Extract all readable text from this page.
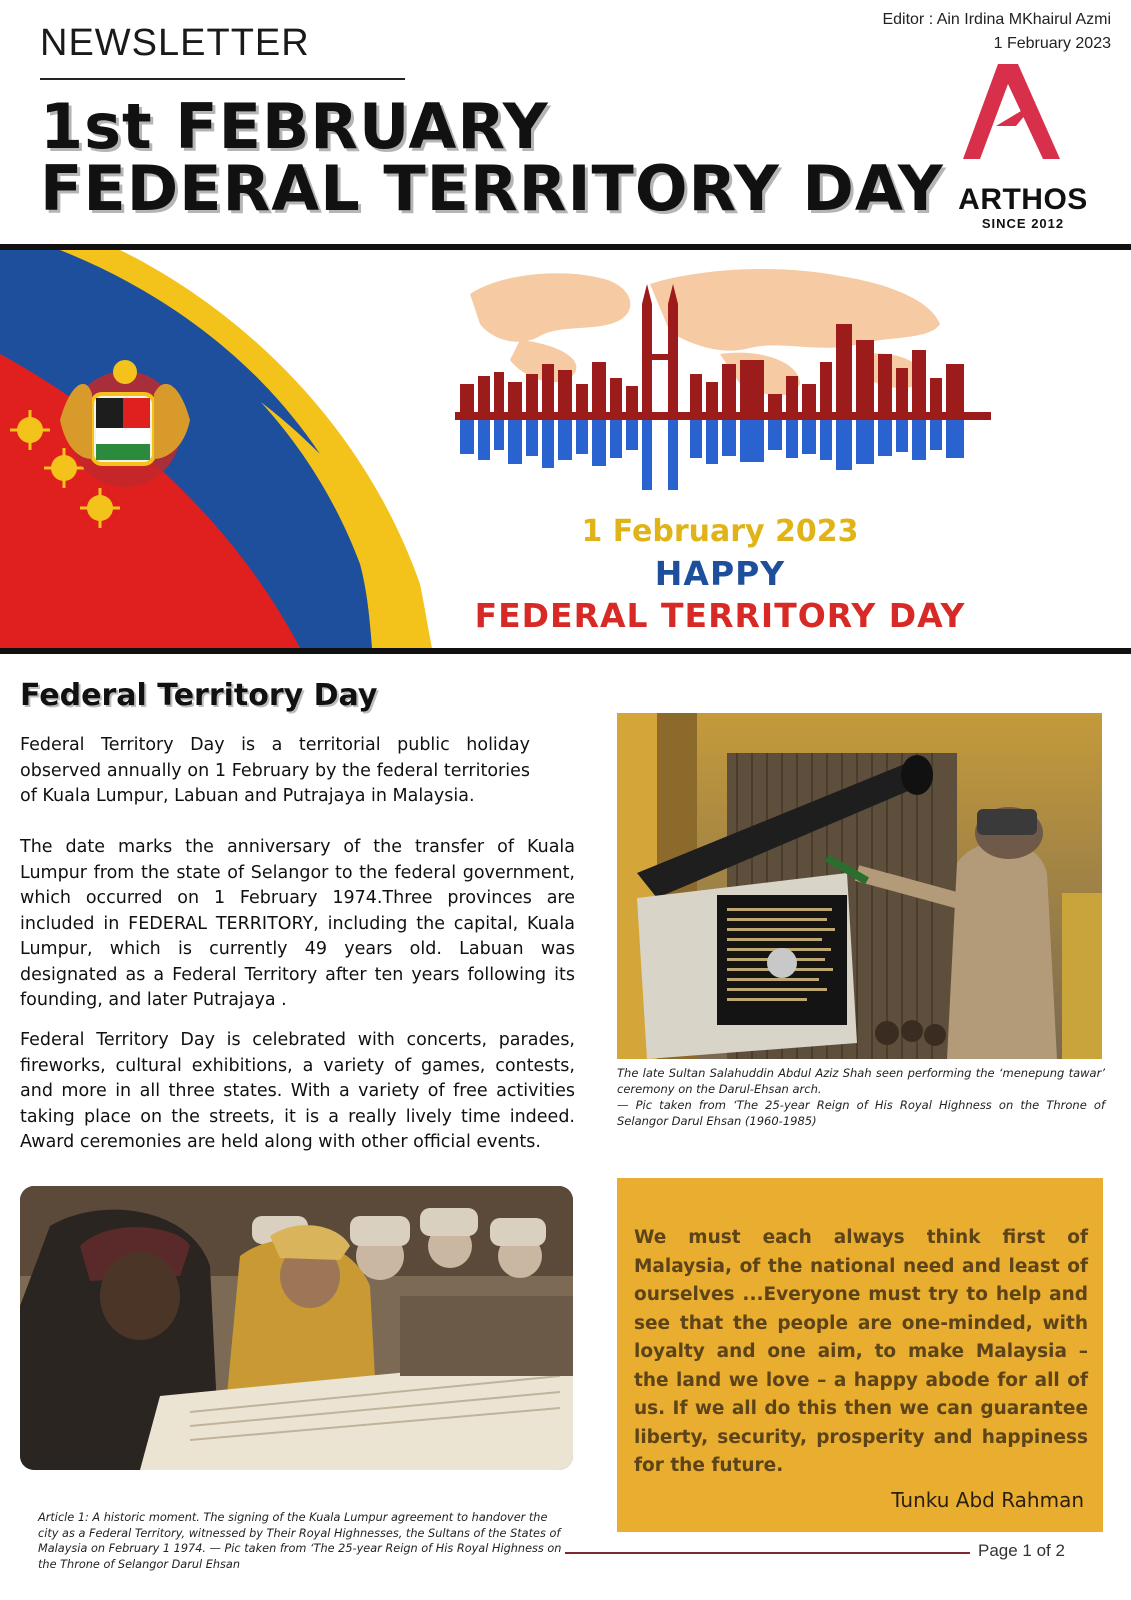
NEWSLETTER
1st FEBRUARY
FEDERAL TERRITORY DAY
Editor : Ain Irdina MKhairul Azmi
1 February 2023
ARTHOS
SINCE 2012
1 February 2023
HAPPY
FEDERAL TERRITORY DAY
Federal Territory Day

Federal Territory Day is a territorial public holiday observed annually on 1 February by the federal territories of Kuala Lumpur, Labuan and Putrajaya in Malaysia.

The date marks the anniversary of the transfer of Kuala Lumpur from the state of Selangor to the federal government, which occurred on 1 February 1974.Three provinces are included in FEDERAL TERRITORY, including the capital, Kuala Lumpur, which is currently 49 years old. Labuan was designated as a Federal Territory after ten years following its founding, and later Putrajaya .

Federal Territory Day is celebrated with concerts, parades, fireworks, cultural exhibitions, a variety of games, contests, and more in all three states. With a variety of free activities taking place on the streets, it is a really lively time indeed. Award ceremonies are held along with other official events.

The late Sultan Salahuddin Abdul Aziz Shah seen performing the ‘menepung tawar’ ceremony on the Darul-Ehsan arch.
— Pic taken from ‘The 25-year Reign of His Royal Highness on the Throne of Selangor Darul Ehsan (1960-1985)
Article 1: A historic moment. The signing of the Kuala Lumpur agreement to handover the city as a Federal Territory, witnessed by Their Royal Highnesses, the Sultans of the States of Malaysia on February 1 1974. — Pic taken from ‘The 25-year Reign of His Royal Highness on the Throne of Selangor Darul Ehsan

We must each always think first of Malaysia, of the national need and least of ourselves ...Everyone must try to help and see that the people are one-minded, with loyalty and one aim, to make Malaysia – the land we love – a happy abode for all of us. If we all do this then we can guarantee liberty, security, prosperity and happiness for the future.

Tunku Abd Rahman
Page 1 of 2
